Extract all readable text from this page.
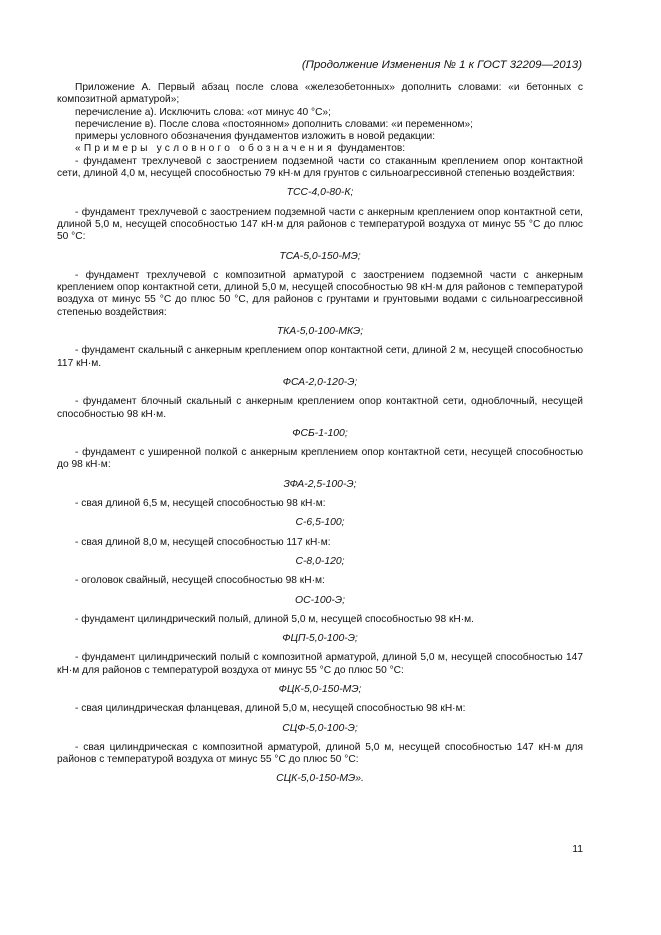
(Продолжение Изменения № 1 к ГОСТ 32209—2013)

Приложение А. Первый абзац после слова «железобетонных» дополнить словами: «и бетонных с композитной арматурой»;

перечисление а). Исключить слова: «от минус 40 °С»;

перечисление в). После слова «постоянном» дополнить словами: «и переменном»;

примеры условного обозначения фундаментов изложить в новой редакции:

«Примеры условного обозначения фундаментов:

- фундамент трехлучевой с заострением подземной части со стаканным креплением опор контактной сети, длиной 4,0 м, несущей способностью 79 кН·м для грунтов с сильноагрессивной степенью воздействия:

ТСС-4,0-80-К;

- фундамент трехлучевой с заострением подземной части с анкерным креплением опор контактной сети, длиной 5,0 м, несущей способностью 147 кН·м для районов с температурой воздуха от минус 55 °С до плюс 50 °С:

ТСА-5,0-150-МЭ;

- фундамент трехлучевой с композитной арматурой с заострением подземной части с анкерным креплением опор контактной сети, длиной 5,0 м, несущей способностью 98 кН·м для районов с температурой воздуха от минус 55 °С до плюс 50 °С, для районов с грунтами и грунтовыми водами с сильноагрессивной степенью воздействия:

ТКА-5,0-100-МКЭ;

- фундамент скальный с анкерным креплением опор контактной сети, длиной 2 м, несущей способностью 117 кН·м.

ФСА-2,0-120-Э;

- фундамент блочный скальный с анкерным креплением опор контактной сети, одноблочный, несущей способностью 98 кН·м.

ФСБ-1-100;

- фундамент с уширенной полкой с анкерным креплением опор контактной сети, несущей способностью до 98 кН·м:

ЗФА-2,5-100-Э;

- свая длиной 6,5 м, несущей способностью 98 кН·м:

С-6,5-100;

- свая длиной 8,0 м, несущей способностью 117 кН·м:

С-8,0-120;

- оголовок свайный, несущей способностью 98 кН·м:

ОС-100-Э;

- фундамент цилиндрический полый, длиной 5,0 м, несущей способностью 98 кН·м.

ФЦП-5,0-100-Э;

- фундамент цилиндрический полый с композитной арматурой, длиной 5,0 м, несущей способностью 147 кН·м для районов с температурой воздуха от минус 55 °С до плюс 50 °С:

ФЦК-5,0-150-МЭ;

- свая цилиндрическая фланцевая, длиной 5,0 м, несущей способностью 98 кН·м:

СЦФ-5,0-100-Э;

- свая цилиндрическая с композитной арматурой, длиной 5,0 м, несущей способностью 147 кН·м для районов с температурой воздуха от минус 55 °С до плюс 50 °С:

СЦК-5,0-150-МЭ».

11
